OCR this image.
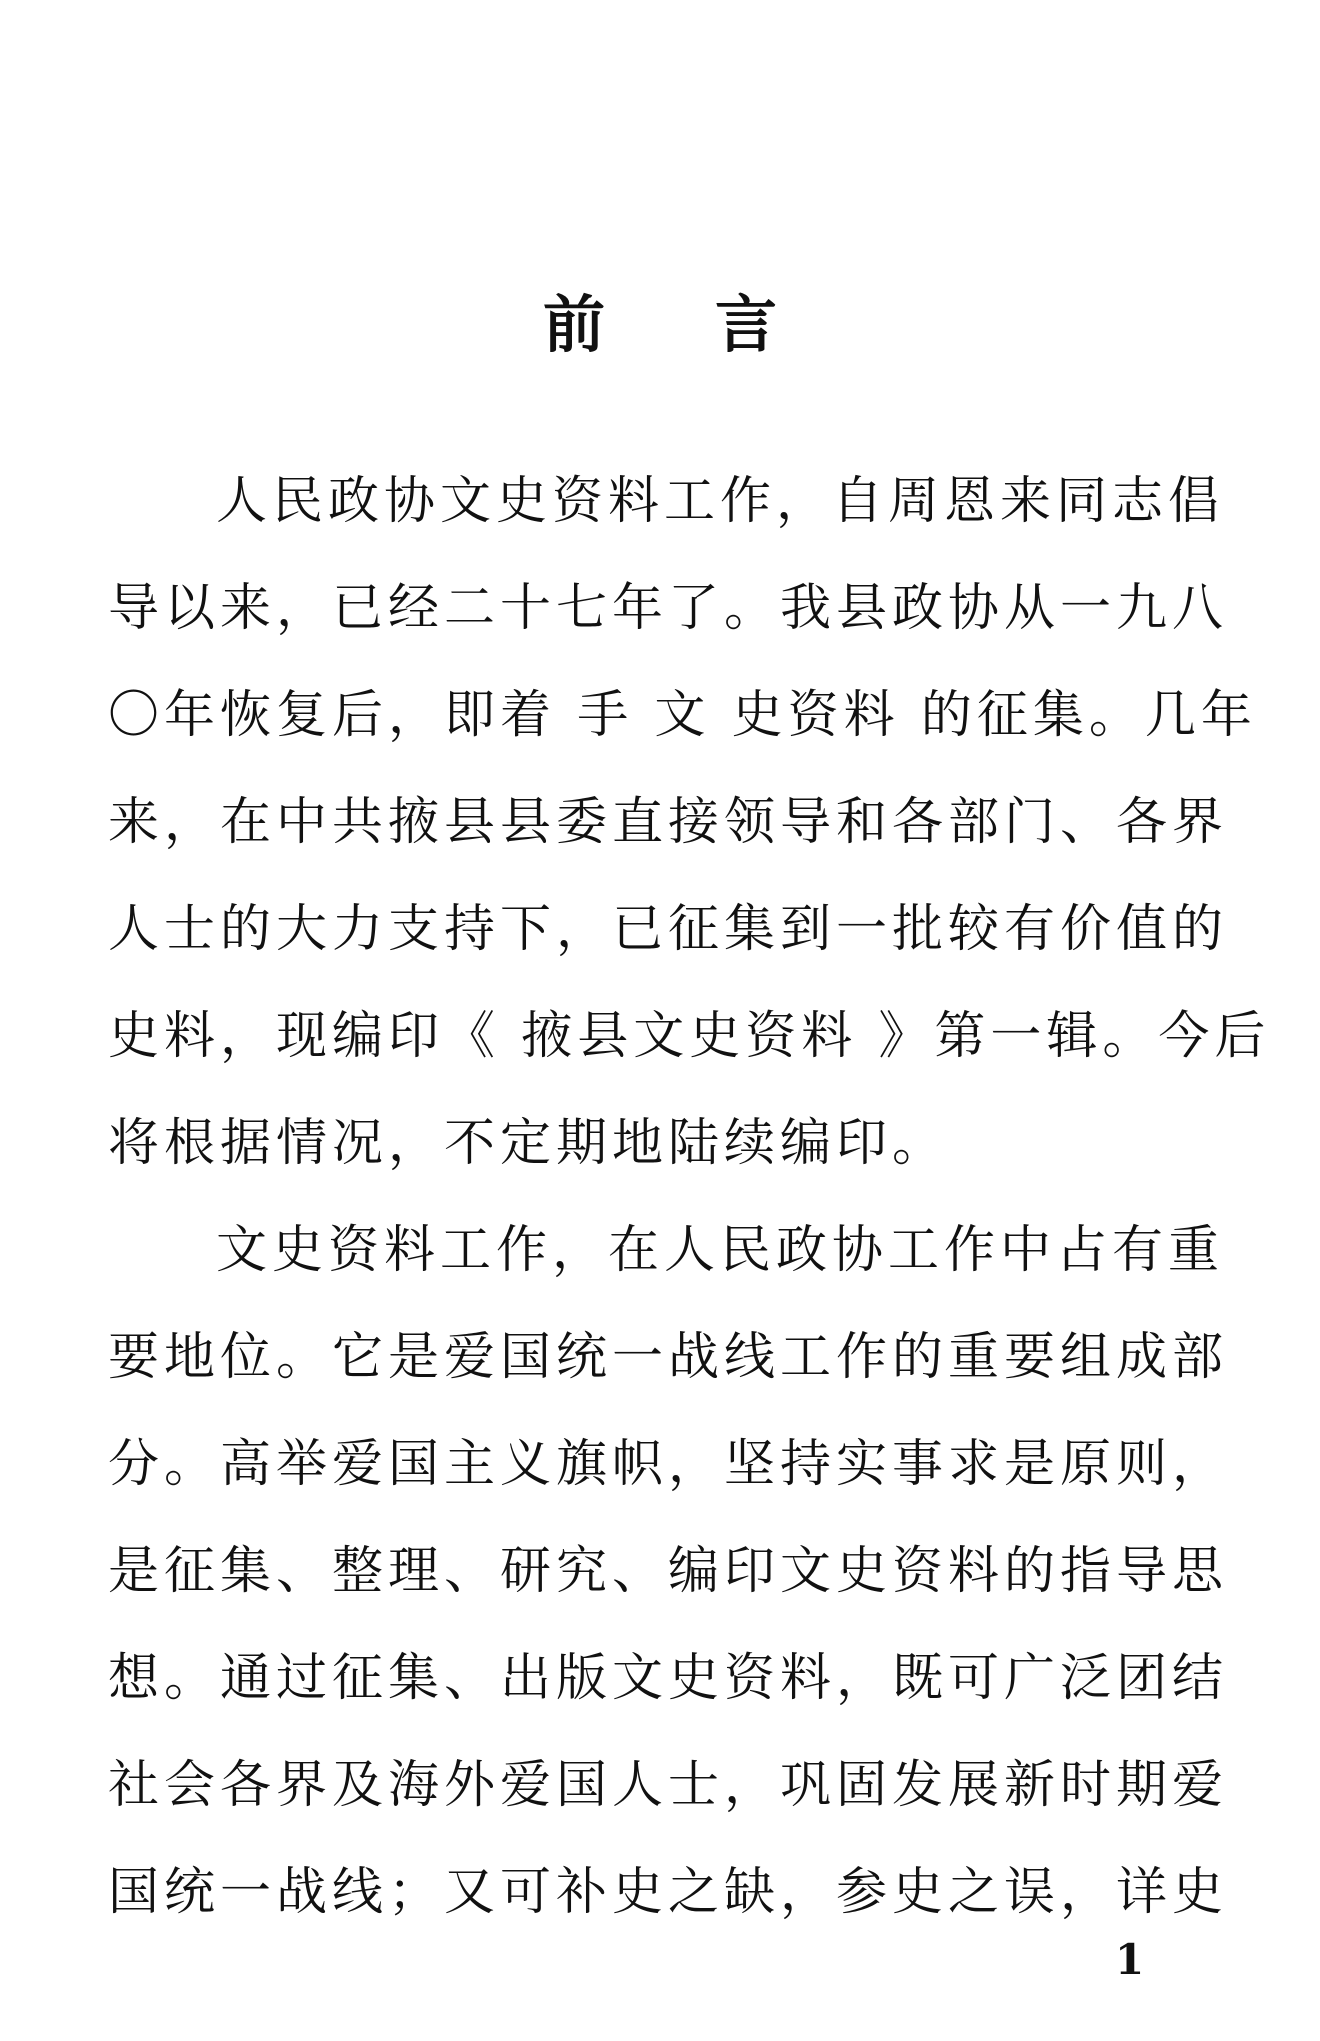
前 言
人民政协文史资料工作，自周恩来同志倡
导以来，已经二十七年了。我县政协从一九八
〇年恢复后，即着 手 文 史资料 的征集。几年
来，在中共掖县县委直接领导和各部门、各界
人士的大力支持下，已征集到一批较有价值的
史料，现编印《 掖县文史资料 》第一辑。今后
将根据情况，不定期地陆续编印。
文史资料工作，在人民政协工作中占有重
要地位。它是爱国统一战线工作的重要组成部
分。高举爱国主义旗帜，坚持实事求是原则，
是征集、整理、研究、编印文史资料的指导思
想。通过征集、出版文史资料，既可广泛团结
社会各界及海外爱国人士，巩固发展新时期爱
国统一战线；又可补史之缺，参史之误，详史
1
